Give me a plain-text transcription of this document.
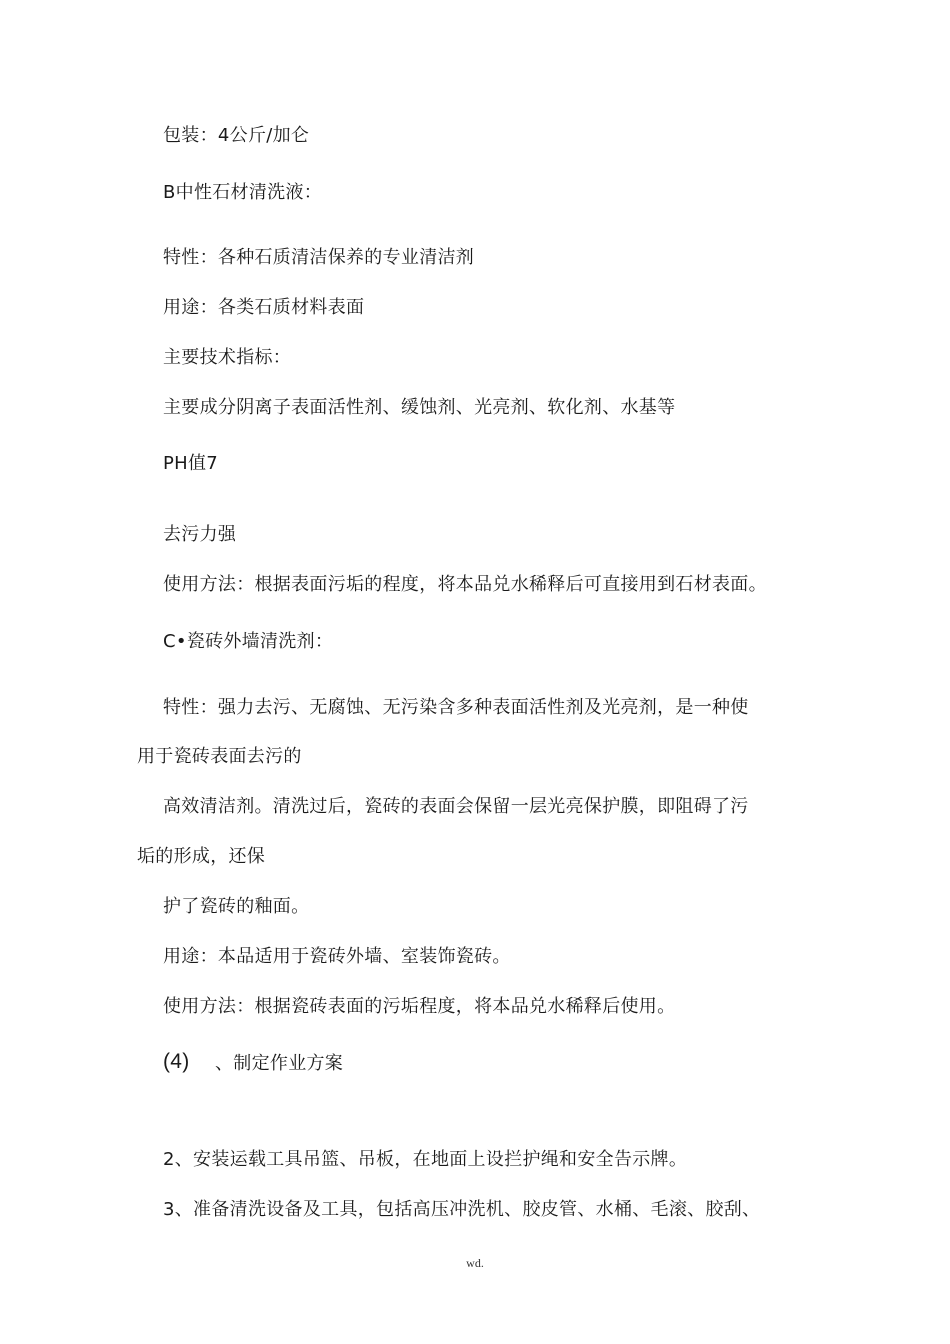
包装：4公斤/加仑
B中性石材清洗液：
特性：各种石质清洁保养的专业清洁剂
用途：各类石质材料表面
主要技术指标：
主要成分阴离子表面活性剂、缓蚀剂、光亮剂、软化剂、水基等
PH值7
去污力强
使用方法：根据表面污垢的程度，将本品兑水稀释后可直接用到石材表面。
C•瓷砖外墙清洗剂：
特性：强力去污、无腐蚀、无污染含多种表面活性剂及光亮剂，是一种使
用于瓷砖表面去污的
高效清洁剂。清洗过后，瓷砖的表面会保留一层光亮保护膜，即阻碍了污
垢的形成，还保
护了瓷砖的釉面。
用途：本品适用于瓷砖外墙、室装饰瓷砖。
使用方法：根据瓷砖表面的污垢程度，将本品兑水稀释后使用。
(4) 、制定作业方案
2、安装运载工具吊篮、吊板，在地面上设拦护绳和安全告示牌。
3、准备清洗设备及工具，包括高压冲洗机、胶皮管、水桶、毛滚、胶刮、
wd.
